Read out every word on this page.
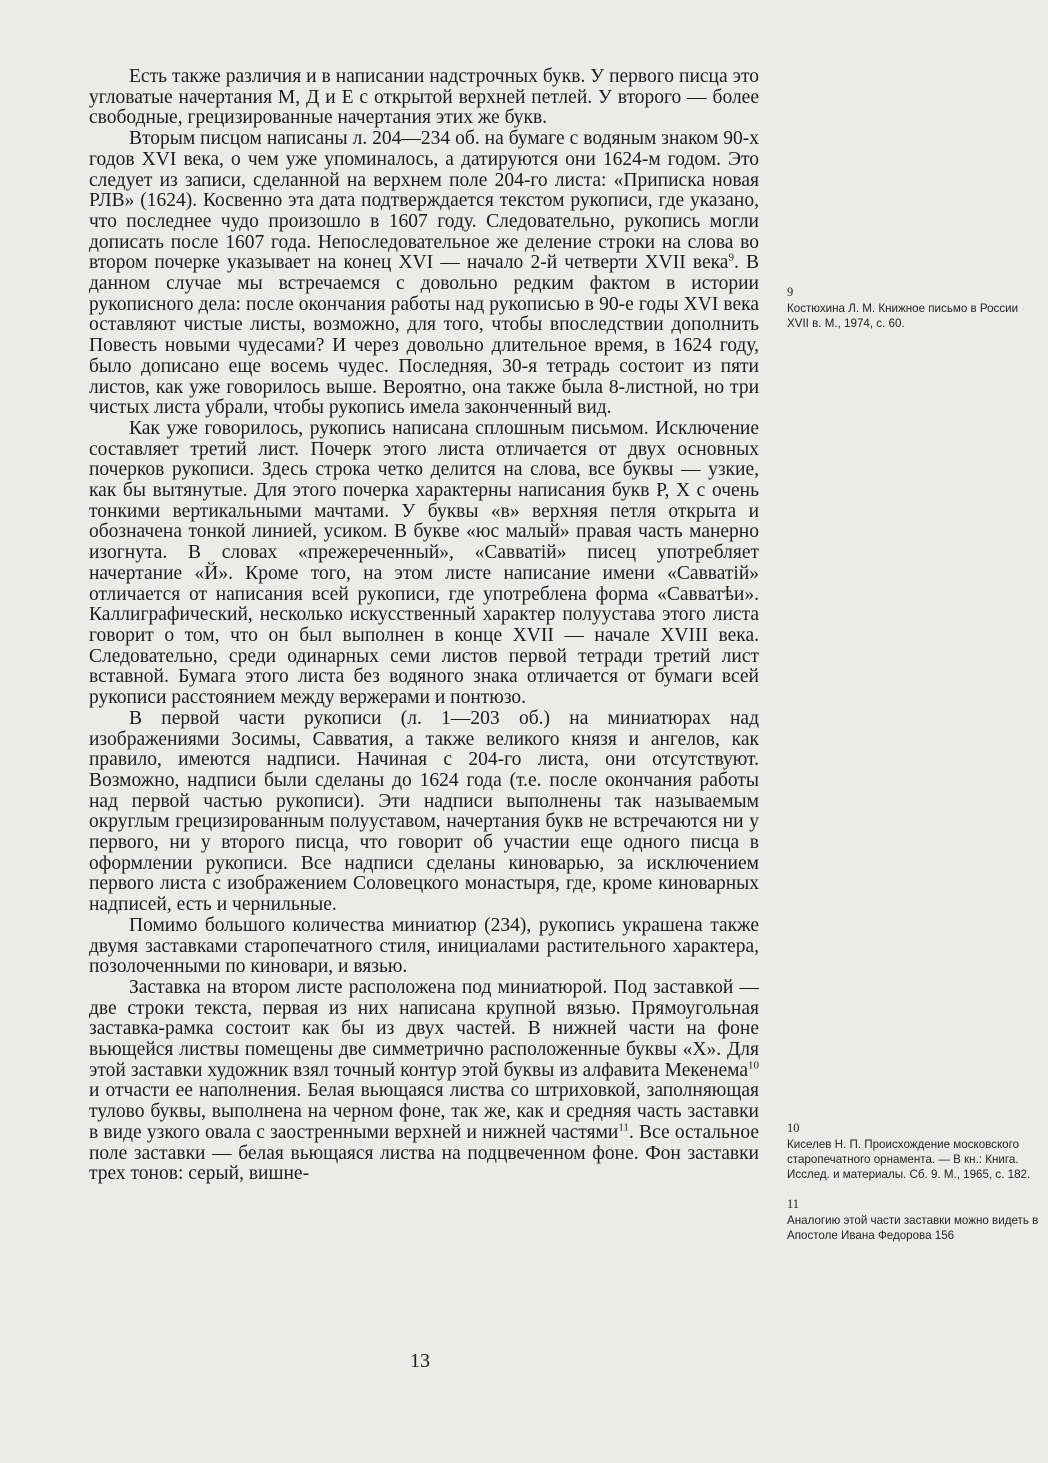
Есть также различия и в написании надстрочных букв. У первого писца это угловатые начертания М, Д и Е с открытой верхней петлей. У второго — более свободные, грецизированные начертания этих же букв.

Вторым писцом написаны л. 204—234 об. на бумаге с водяным знаком 90-х годов XVI века, о чем уже упоминалось, а датируются они 1624-м годом. Это следует из записи, сделанной на верхнем поле 204-го листа: «Приписка новая РЛВ» (1624). Косвенно эта дата подтверждается текстом рукописи, где указано, что последнее чудо произошло в 1607 году. Следовательно, рукопись могли дописать после 1607 года. Непоследовательное же деление строки на слова во втором почерке указывает на конец XVI — начало 2-й четверти XVII века$^9$. В данном случае мы встречаемся с довольно редким фактом в истории рукописного дела: после окончания работы над рукописью в 90-е годы XVI века оставляют чистые листы, возможно, для того, чтобы впоследствии дополнить Повесть новыми чудесами? И через довольно длительное время, в 1624 году, было дописано еще восемь чудес. Последняя, 30-я тетрадь состоит из пяти листов, как уже говорилось выше. Вероятно, она также была 8-листной, но три чистых листа убрали, чтобы рукопись имела законченный вид.

Как уже говорилось, рукопись написана сплошным письмом. Исключение составляет третий лист. Почерк этого листа отличается от двух основных почерков рукописи. Здесь строка четко делится на слова, все буквы — узкие, как бы вытянутые. Для этого почерка характерны написания букв Р, Х с очень тонкими вертикальными мачтами. У буквы «в» верхняя петля открыта и обозначена тонкой линией, усиком. В букве «юс малый» правая часть манерно изогнута. В словах «прежереченный», «Савватій» писец употребляет начертание «Й». Кроме того, на этом листе написание имени «Савватій» отличается от написания всей рукописи, где употреблена форма «Савватѣи». Каллиграфический, несколько искусственный характер полуустава этого листа говорит о том, что он был выполнен в конце XVII — начале XVIII века. Следовательно, среди одинарных семи листов первой тетради третий лист вставной. Бумага этого листа без водяного знака отличается от бумаги всей рукописи расстоянием между вержерами и понтюзо.

В первой части рукописи (л. 1—203 об.) на миниатюрах над изображениями Зосимы, Савватия, а также великого князя и ангелов, как правило, имеются надписи. Начиная с 204-го листа, они отсутствуют. Возможно, надписи были сделаны до 1624 года (т.е. после окончания работы над первой частью рукописи). Эти надписи выполнены так называемым округлым грецизированным полууставом, начертания букв не встречаются ни у первого, ни у второго писца, что говорит об участии еще одного писца в оформлении рукописи. Все надписи сделаны киноварью, за исключением первого листа с изображением Соловецкого монастыря, где, кроме киноварных надписей, есть и чернильные.

Помимо большого количества миниатюр (234), рукопись украшена также двумя заставками старопечатного стиля, инициалами растительного характера, позолоченными по киновари, и вязью.

Заставка на втором листе расположена под миниатюрой. Под заставкой — две строки текста, первая из них написана крупной вязью. Прямоугольная заставка-рамка состоит как бы из двух частей. В нижней части на фоне вьющейся листвы помещены две симметрично расположенные буквы «Х». Для этой заставки художник взял точный контур этой буквы из алфавита Мекенема$^{10}$ и отчасти ее наполнения. Белая вьющаяся листва со штриховкой, заполняющая тулово буквы, выполнена на черном фоне, так же, как и средняя часть заставки в виде узкого овала с заостренными верхней и нижней частями$^{11}$. Все остальное поле заставки — белая вьющаяся листва на подцвеченном фоне. Фон заставки трех тонов: серый, вишне-

9
Костюхина Л. М. Книжное письмо в России XVII в. М., 1974, с. 60.
10
Киселев Н. П. Происхождение московского старопечатного орнамента. — В кн.: Книга. Исслед. и материалы. Сб. 9. М., 1965, с. 182.
11
Аналогию этой части заставки можно видеть в Апостоле Ивана Федорова 156
13
